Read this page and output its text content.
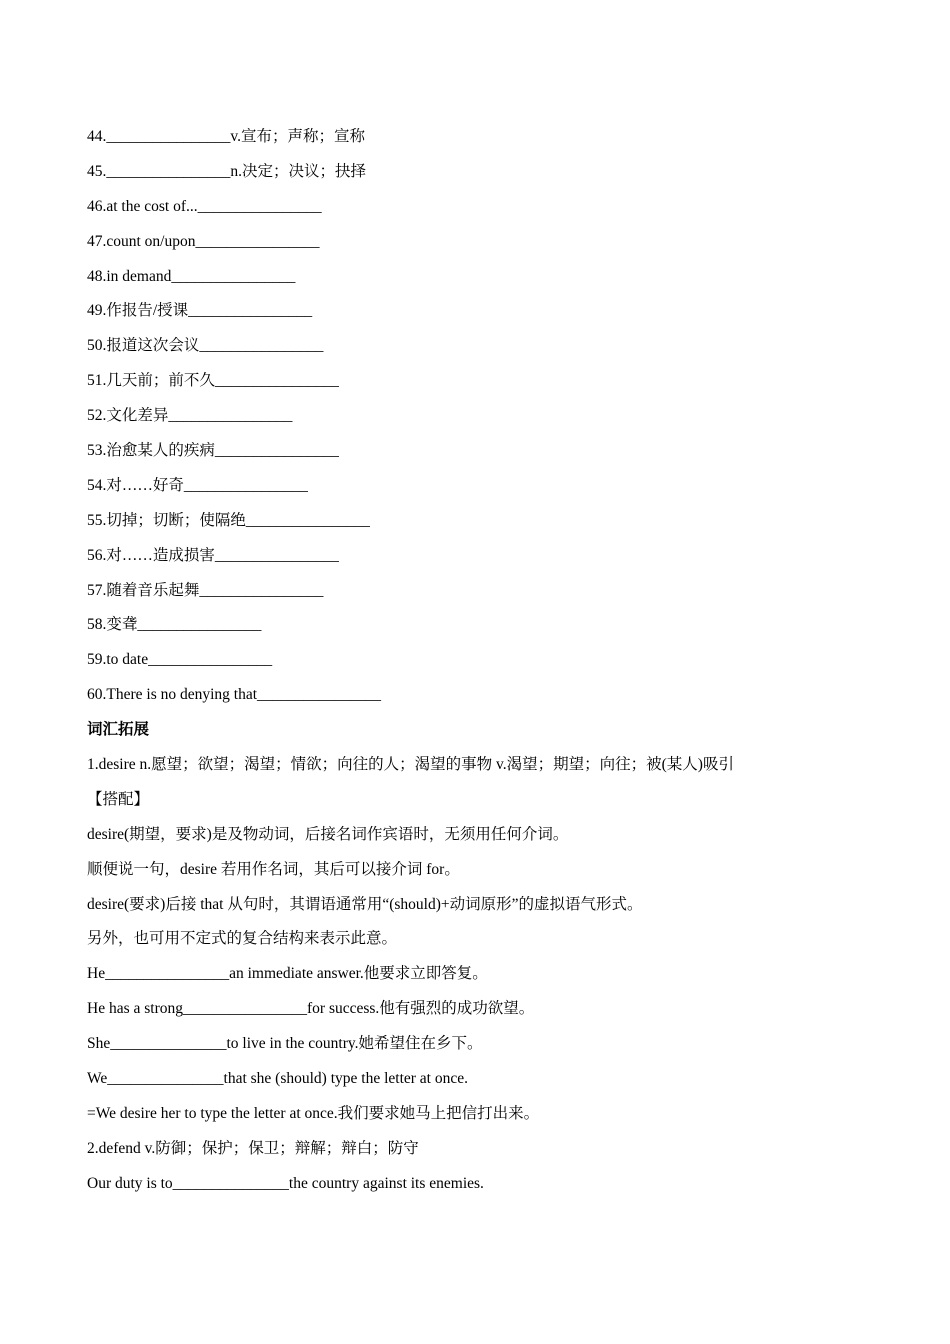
44.________________v.宣布；声称；宣称
45.________________n.决定；决议；抉择
46.at the cost of...________________
47.count on/upon________________
48.in demand________________
49.作报告/授课________________
50.报道这次会议________________
51.几天前；前不久________________
52.文化差异________________
53.治愈某人的疾病________________
54.对……好奇________________
55.切掉；切断；使隔绝________________
56.对……造成损害________________
57.随着音乐起舞________________
58.变聋________________
59.to date________________
60.There is no denying that________________
词汇拓展
1.desire n.愿望；欲望；渴望；情欲；向往的人；渴望的事物 v.渴望；期望；向往；被(某人)吸引
【搭配】
desire(期望，要求)是及物动词，后接名词作宾语时，无须用任何介词。
顺便说一句，desire 若用作名词，其后可以接介词 for。
desire(要求)后接 that 从句时，其谓语通常用“(should)+动词原形”的虚拟语气形式。
另外，也可用不定式的复合结构来表示此意。
He________________an immediate answer.他要求立即答复。
He has a strong________________for success.他有强烈的成功欲望。
She_______________to live in the country.她希望住在乡下。
We_______________that she (should) type the letter at once.
=We desire her to type the letter at once.我们要求她马上把信打出来。
2.defend v.防御；保护；保卫；辩解；辩白；防守
Our duty is to_______________the country against its enemies.
